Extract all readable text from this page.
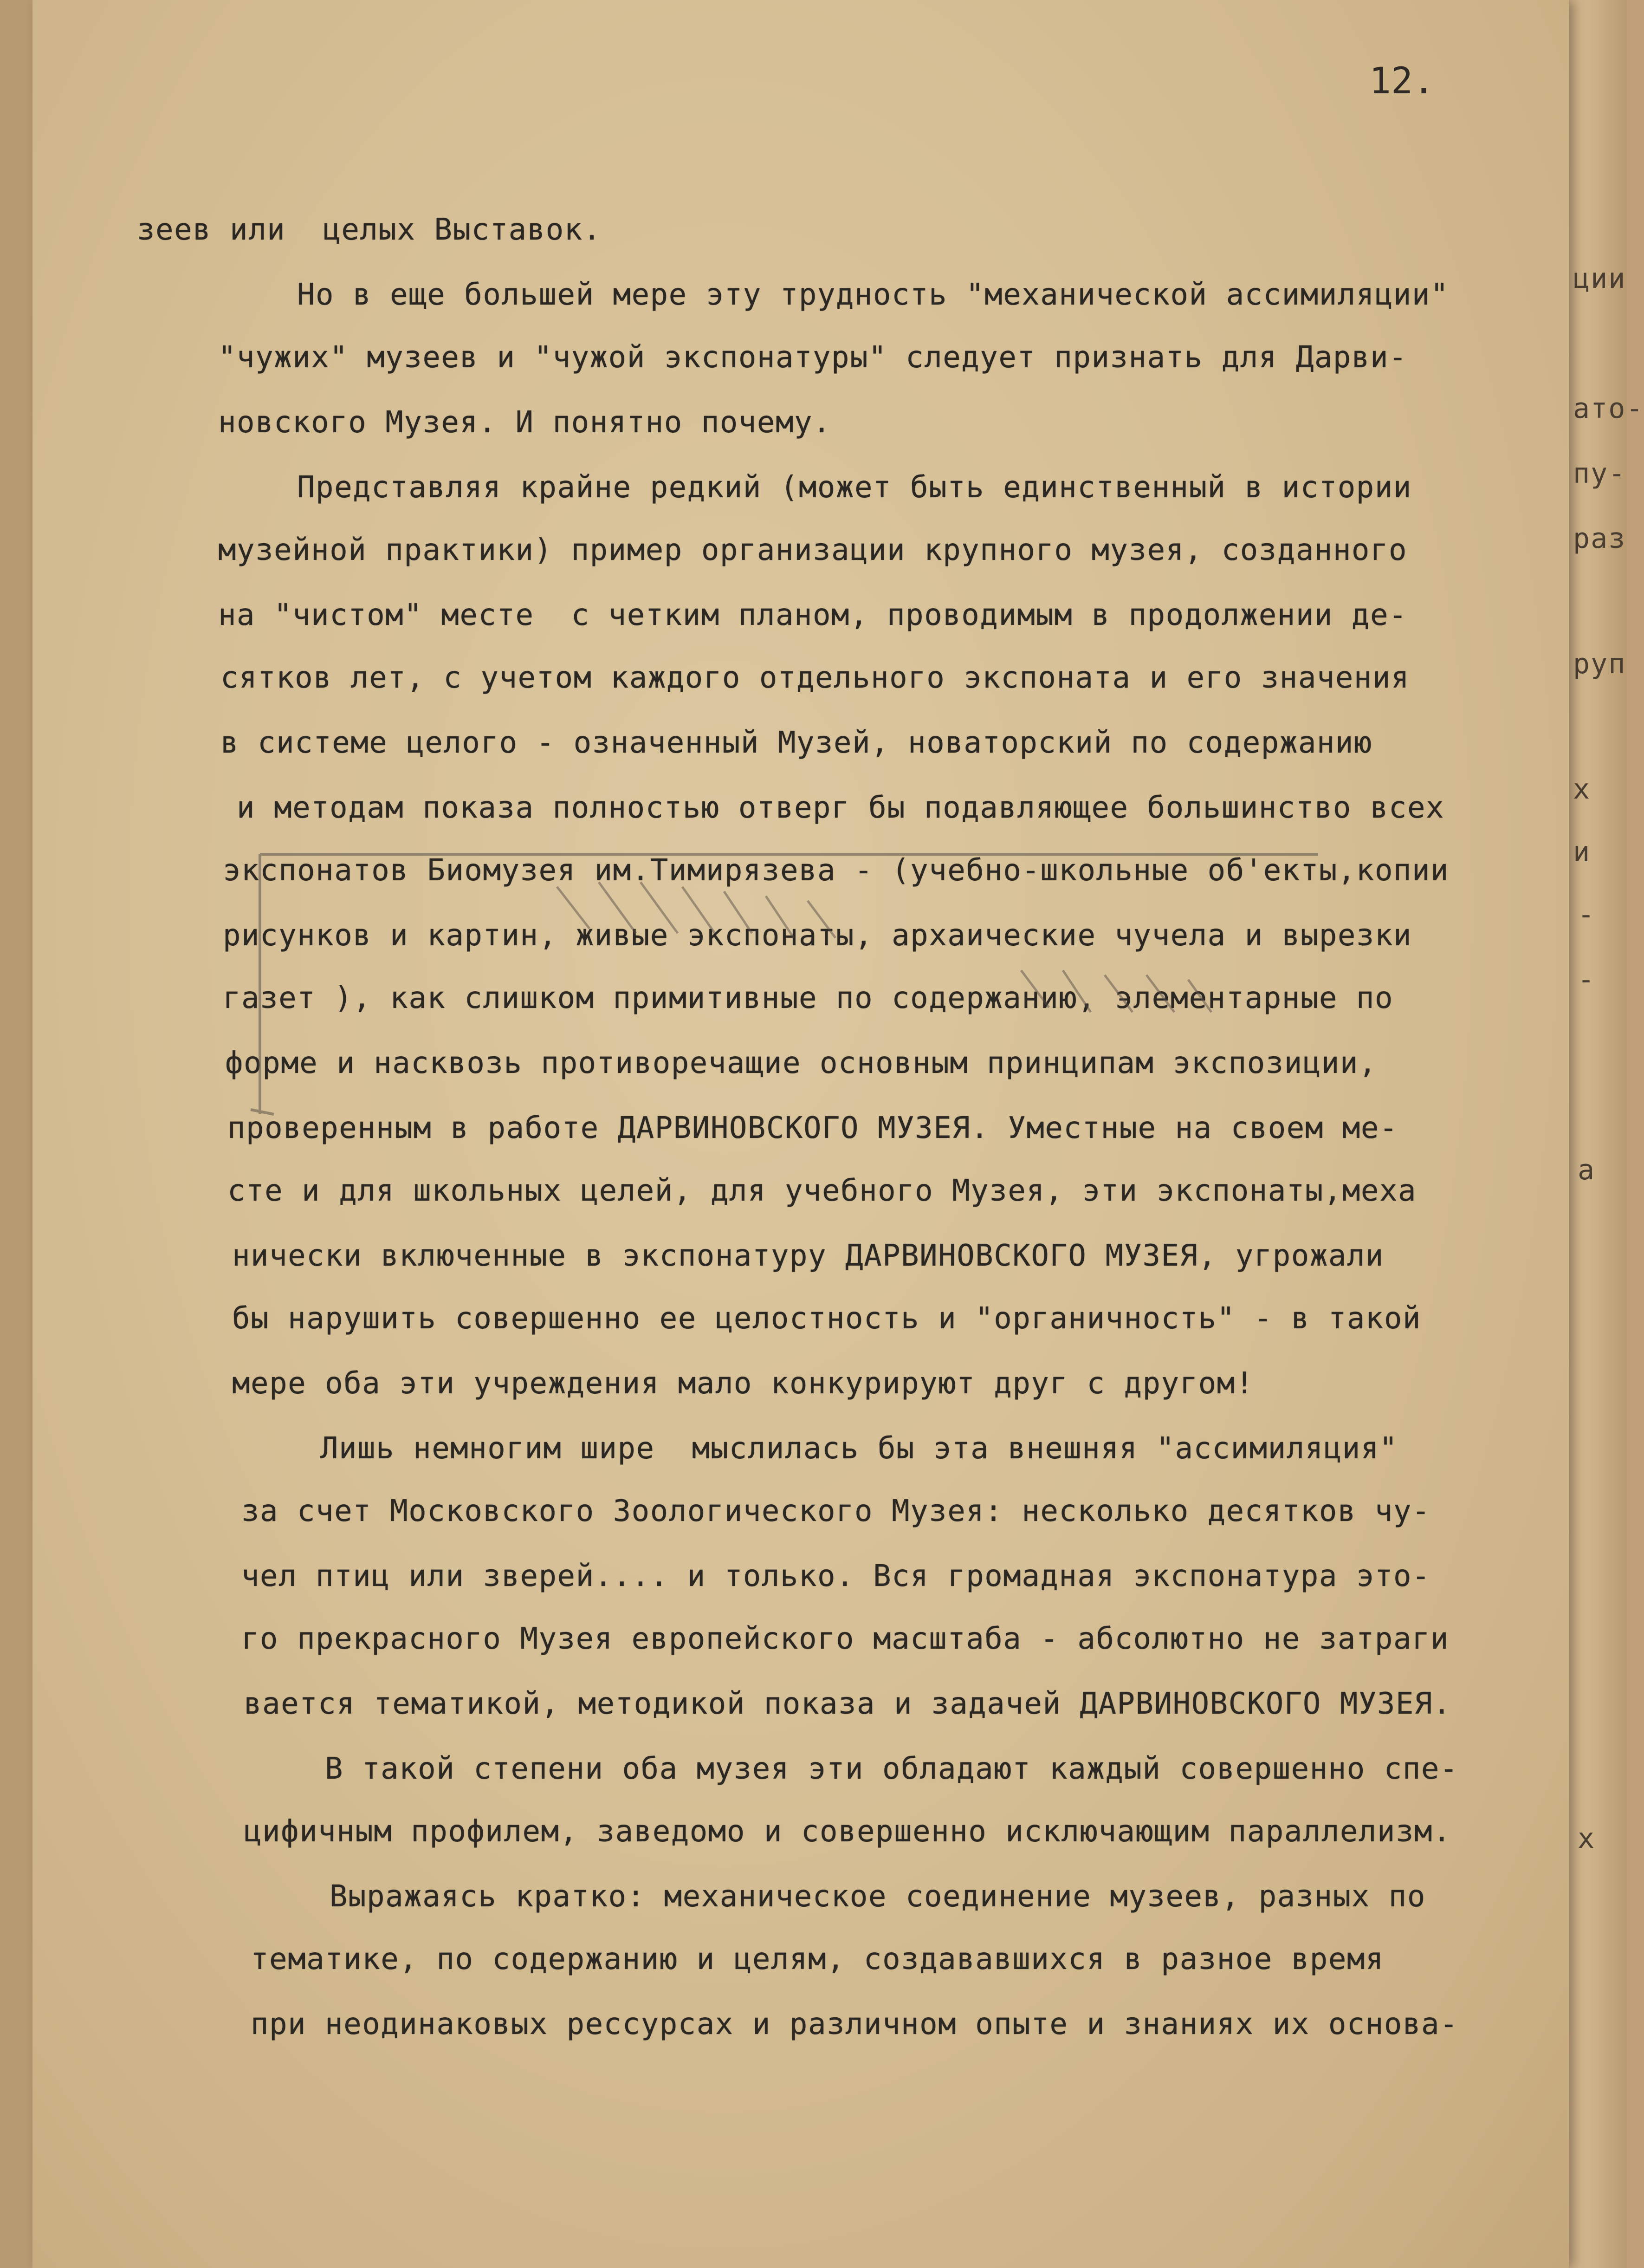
ции
ато-
пу-
раз
руп
х
и
-
-
а
х
12.
зеев или  целых Выставок.
Но в еще большей мере эту трудность "механической ассимиляции"
"чужих" музеев и "чужой экспонатуры" следует признать для Дарви-
новского Музея. И понятно почему.
Представляя крайне редкий (может быть единственный в истории
музейной практики) пример организации крупного музея, созданного
на "чистом" месте  с четким планом, проводимым в продолжении де-
сятков лет, с учетом каждого отдельного экспоната и его значения
в системе целого - означенный Музей, новаторский по содержанию
и методам показа полностью отверг бы подавляющее большинство всех
экспонатов Биомузея им.Тимирязева - (учебно-школьные об'екты,копии
рисунков и картин, живые экспонаты, архаические чучела и вырезки
газет ), как слишком примитивные по содержанию, элементарные по
форме и насквозь противоречащие основным принципам экспозиции,
проверенным в работе ДАРВИНОВСКОГО МУЗЕЯ. Уместные на своем ме-
сте и для школьных целей, для учебного Музея, эти экспонаты,меха
нически включенные в экспонатуру ДАРВИНОВСКОГО МУЗЕЯ, угрожали
бы нарушить совершенно ее целостность и "органичность" - в такой
мере оба эти учреждения мало конкурируют друг с другом!
Лишь немногим шире  мыслилась бы эта внешняя "ассимиляция"
за счет Московского Зоологического Музея: несколько десятков чу-
чел птиц или зверей.... и только. Вся громадная экспонатура это-
го прекрасного Музея европейского масштаба - абсолютно не затраги
вается тематикой, методикой показа и задачей ДАРВИНОВСКОГО МУЗЕЯ.
В такой степени оба музея эти обладают каждый совершенно спе-
цифичным профилем, заведомо и совершенно исключающим параллелизм.
Выражаясь кратко: механическое соединение музеев, разных по
тематике, по содержанию и целям, создававшихся в разное время
при неодинаковых рессурсах и различном опыте и знаниях их основа-
